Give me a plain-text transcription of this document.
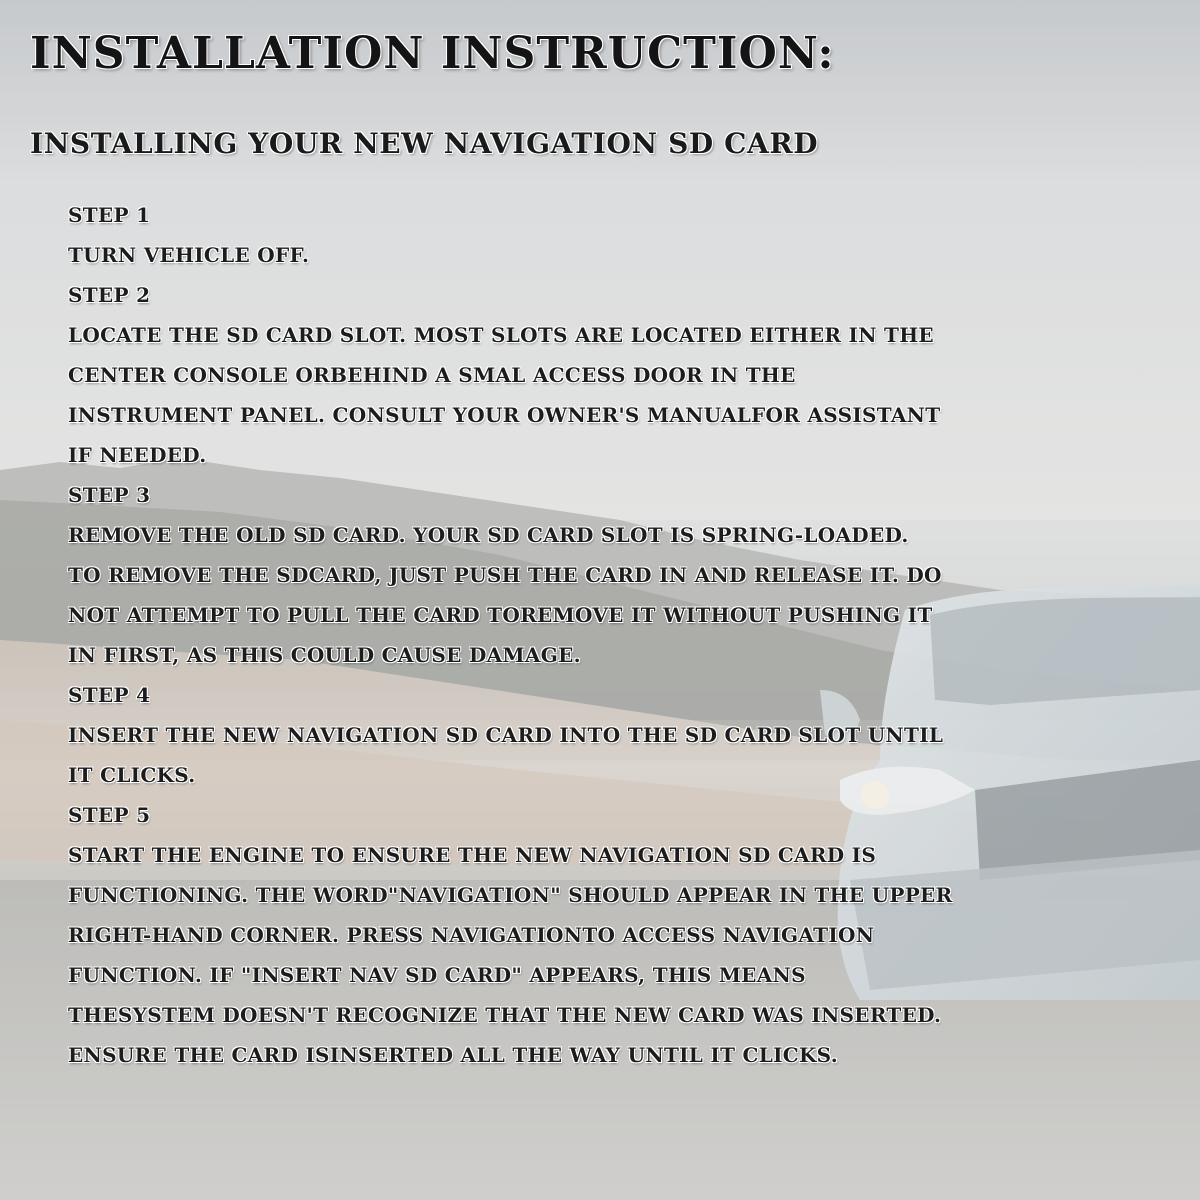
INSTALLATION INSTRUCTION:
INSTALLING YOUR NEW NAVIGATION SD CARD
STEP 1
TURN VEHICLE OFF.
STEP 2
LOCATE THE SD CARD SLOT. MOST SLOTS ARE LOCATED EITHER IN THE
CENTER CONSOLE ORBEHIND A SMAL ACCESS DOOR IN THE
INSTRUMENT PANEL. CONSULT YOUR OWNER'S MANUALFOR ASSISTANT
IF NEEDED.
STEP 3
REMOVE THE OLD SD CARD. YOUR SD CARD SLOT IS SPRING-LOADED.
TO REMOVE THE SDCARD, JUST PUSH THE CARD IN AND RELEASE IT. DO
NOT ATTEMPT TO PULL THE CARD TOREMOVE IT WITHOUT PUSHING IT
IN FIRST, AS THIS COULD CAUSE DAMAGE.
STEP 4
INSERT THE NEW NAVIGATION SD CARD INTO THE SD CARD SLOT UNTIL
IT CLICKS.
STEP 5
START THE ENGINE TO ENSURE THE NEW NAVIGATION SD CARD IS
FUNCTIONING. THE WORD"NAVIGATION" SHOULD APPEAR IN THE UPPER
RIGHT-HAND CORNER. PRESS NAVIGATIONTO ACCESS NAVIGATION
FUNCTION. IF "INSERT NAV SD CARD" APPEARS, THIS MEANS
THESYSTEM DOESN'T RECOGNIZE THAT THE NEW CARD WAS INSERTED.
ENSURE THE CARD ISINSERTED ALL THE WAY UNTIL IT CLICKS.
